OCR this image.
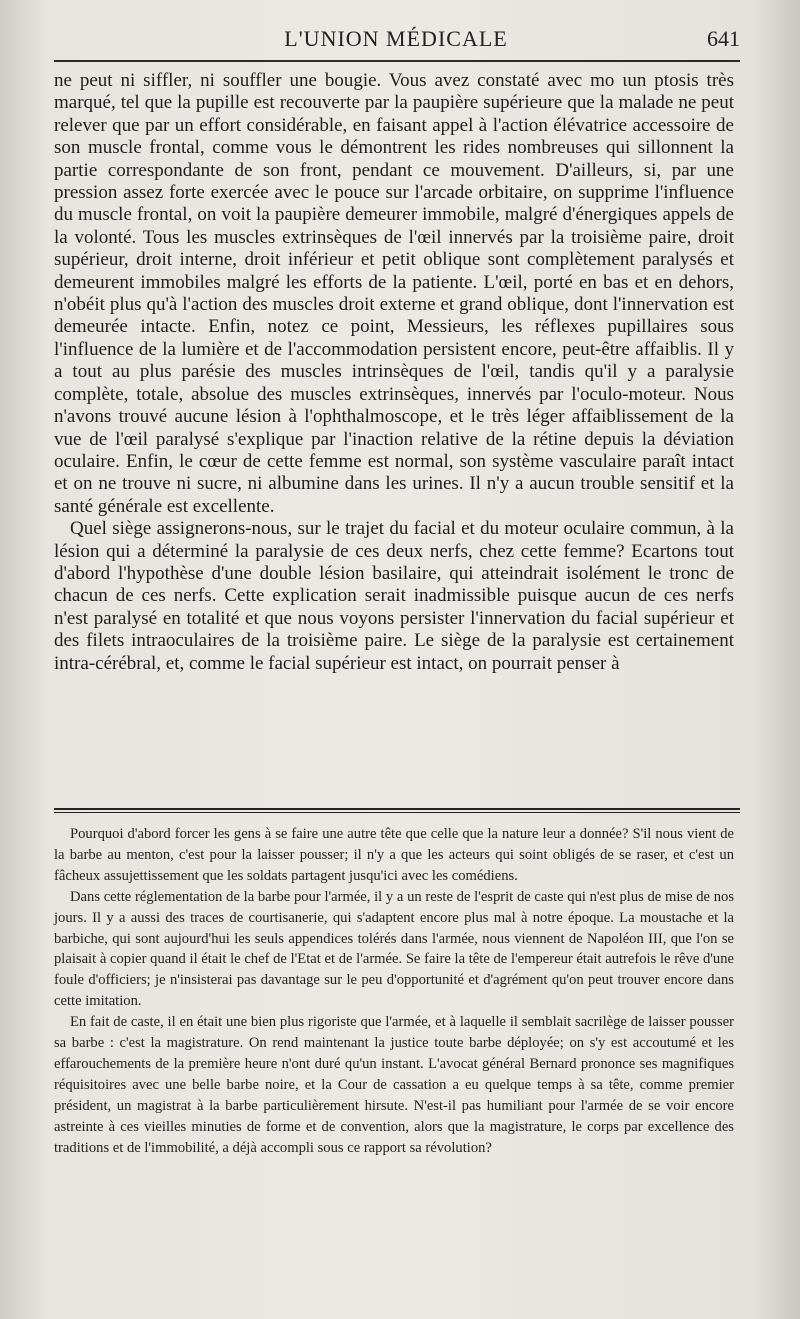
L'UNION MÉDICALE	641

ne peut ni siffler, ni souffler une bougie. Vous avez constaté avec mo ιun ptosis très marqué, tel que la pupille est recouverte par la paupière supérieure que la malade ne peut relever que par un effort considérable, en faisant appel à l'action élévatrice accessoire de son muscle frontal, comme vous le démontrent les rides nombreuses qui sillonnent la partie correspondante de son front, pendant ce mouvement. D'ailleurs, si, par une pression assez forte exercée avec le pouce sur l'arcade orbitaire, on supprime l'influence du muscle frontal, on voit la paupière demeurer immobile, malgré d'énergiques appels de la volonté. Tous les muscles extrinsèques de l'œil innervés par la troisième paire, droit supérieur, droit interne, droit inférieur et petit oblique sont complètement paralysés et demeurent immobiles malgré les efforts de la patiente. L'œil, porté en bas et en dehors, n'obéit plus qu'à l'action des muscles droit externe et grand oblique, dont l'innervation est demeurée intacte. Enfin, notez ce point, Messieurs, les réflexes pupillaires sous l'influence de la lumière et de l'accommodation persistent encore, peut-être affaiblis. Il y a tout au plus parésie des muscles intrinsèques de l'œil, tandis qu'il y a paralysie complète, totale, absolue des muscles extrinsèques, innervés par l'oculo-moteur. Nous n'avons trouvé aucune lésion à l'ophthalmoscope, et le très léger affaiblissement de la vue de l'œil paralysé s'explique par l'inaction relative de la rétine depuis la déviation oculaire. Enfin, le cœur de cette femme est normal, son système vasculaire paraît intact et on ne trouve ni sucre, ni albumine dans les urines. Il n'y a aucun trouble sensitif et la santé générale est excellente.

Quel siège assignerons-nous, sur le trajet du facial et du moteur oculaire commun, à la lésion qui a déterminé la paralysie de ces deux nerfs, chez cette femme? Ecartons tout d'abord l'hypothèse d'une double lésion basilaire, qui atteindrait isolément le tronc de chacun de ces nerfs. Cette explication serait inadmissible puisque aucun de ces nerfs n'est paralysé en totalité et que nous voyons persister l'innervation du facial supérieur et des filets intraoculaires de la troisième paire. Le siège de la paralysie est certainement intra-cérébral, et, comme le facial supérieur est intact, on pourrait penser à

Pourquoi d'abord forcer les gens à se faire une autre tête que celle que la nature leur a donnée? S'il nous vient de la barbe au menton, c'est pour la laisser pousser; il n'y a que les acteurs qui soint obligés de se raser, et c'est un fâcheux assujettissement que les soldats partagent jusqu'ici avec les comédiens.

Dans cette réglementation de la barbe pour l'armée, il y a un reste de l'esprit de caste qui n'est plus de mise de nos jours. Il y a aussi des traces de courtisanerie, qui s'adaptent encore plus mal à notre époque. La moustache et la barbiche, qui sont aujourd'hui les seuls appendices tolérés dans l'armée, nous viennent de Napoléon III, que l'on se plaisait à copier quand il était le chef de l'Etat et de l'armée. Se faire la tête de l'empereur était autrefois le rêve d'une foule d'officiers; je n'insisterai pas davantage sur le peu d'opportunité et d'agrément qu'on peut trouver encore dans cette imitation.

En fait de caste, il en était une bien plus rigoriste que l'armée, et à laquelle il semblait sacrilège de laisser pousser sa barbe : c'est la magistrature. On rend maintenant la justice toute barbe déployée; on s'y est accoutumé et les effarouchements de la première heure n'ont duré qu'un instant. L'avocat général Bernard prononce ses magnifiques réquisitoires avec une belle barbe noire, et la Cour de cassation a eu quelque temps à sa tête, comme premier président, un magistrat à la barbe particulièrement hirsute. N'est-il pas humiliant pour l'armée de se voir encore astreinte à ces vieilles minuties de forme et de convention, alors que la magistrature, le corps par excellence des traditions et de l'immobilité, a déjà accompli sous ce rapport sa révolution?
